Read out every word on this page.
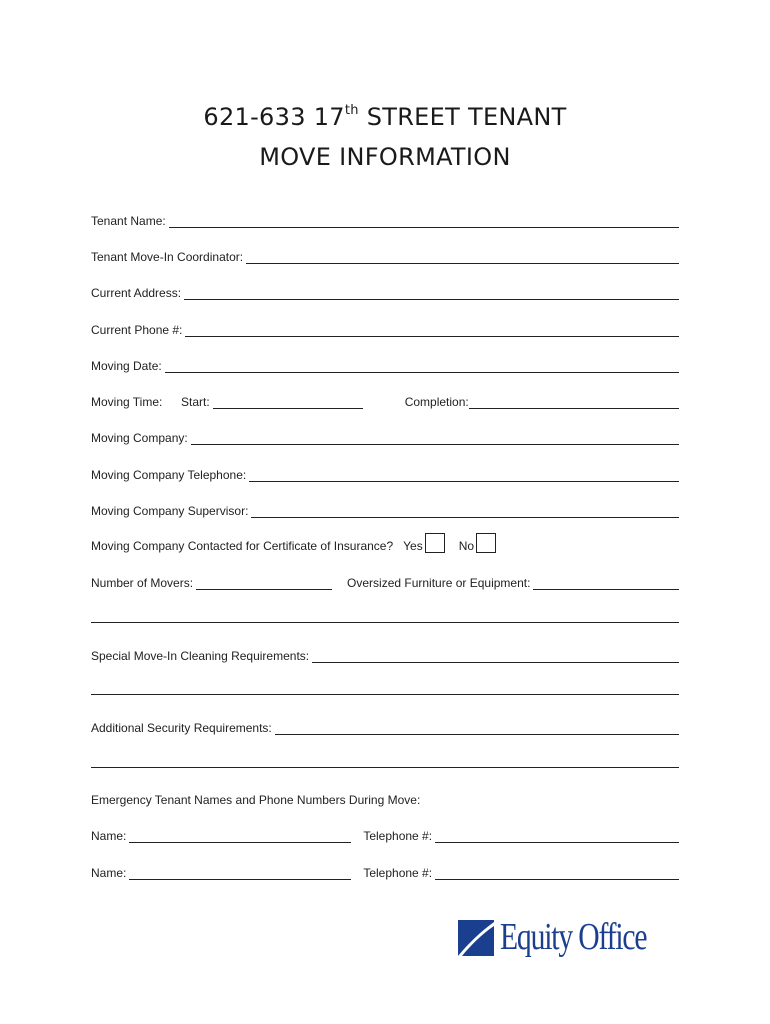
621-633 17th STREET TENANT
MOVE INFORMATION
Tenant Name:
Tenant Move-In Coordinator:
Current Address:
Current Phone #:
Moving Date:
Moving Time:	Start:	Completion:
Moving Company:
Moving Company Telephone:
Moving Company Supervisor:
Moving Company Contacted for Certificate of Insurance? Yes	No
Number of Movers:	Oversized Furniture or Equipment:
Special Move-In Cleaning Requirements:
Additional Security Requirements:
Emergency Tenant Names and Phone Numbers During Move:
Name:	Telephone #:
Name:	Telephone #:
Equity Office
